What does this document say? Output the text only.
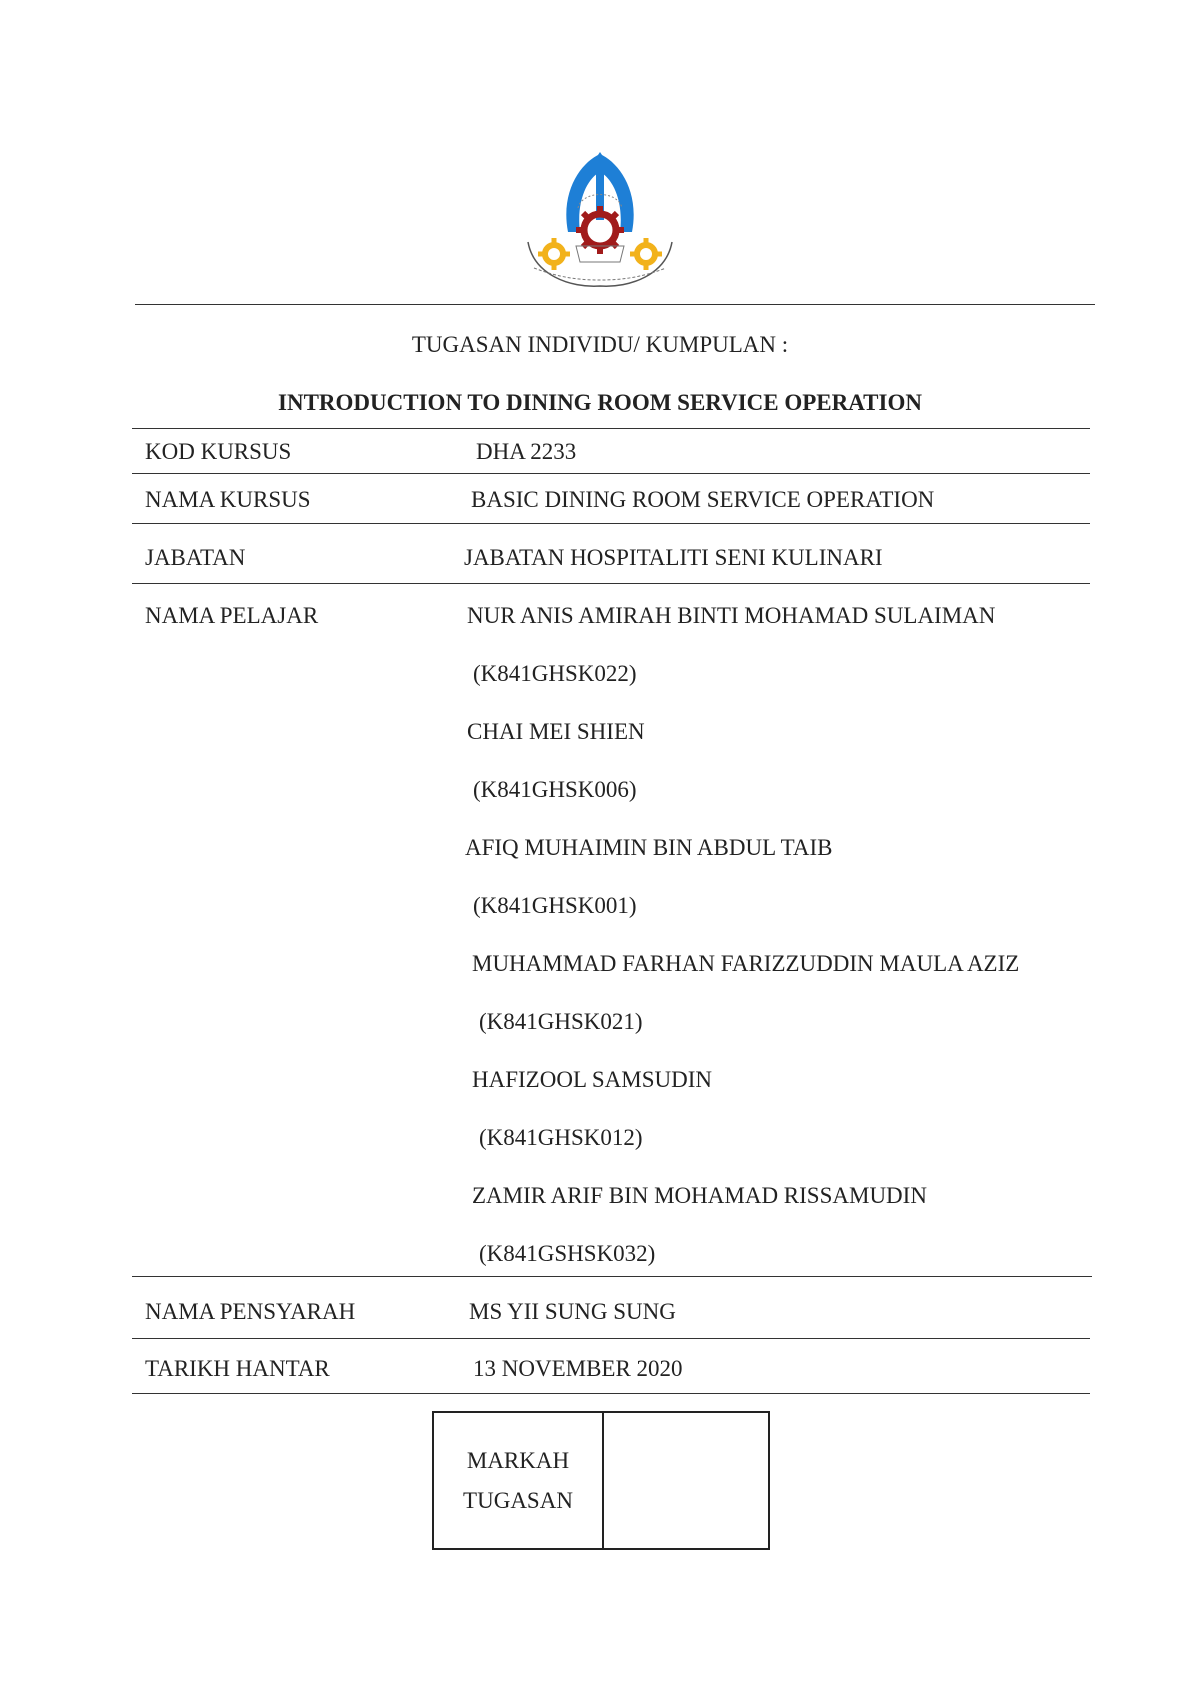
TUGASAN INDIVIDU/ KUMPULAN :
INTRODUCTION TO DINING ROOM SERVICE OPERATION
KOD KURSUS	DHA 2233
NAMA KURSUS	BASIC DINING ROOM SERVICE OPERATION
JABATAN	JABATAN HOSPITALITI SENI KULINARI
NAMA PELAJAR	NUR ANIS AMIRAH BINTI MOHAMAD SULAIMAN
(K841GHSK022)
CHAI MEI SHIEN
(K841GHSK006)
AFIQ MUHAIMIN BIN ABDUL TAIB
(K841GHSK001)
MUHAMMAD FARHAN FARIZZUDDIN MAULA AZIZ
(K841GHSK021)
HAFIZOOL SAMSUDIN
(K841GHSK012)
ZAMIR ARIF BIN MOHAMAD RISSAMUDIN
(K841GSHSK032)
NAMA PENSYARAH	MS YII SUNG SUNG
TARIKH HANTAR	13 NOVEMBER 2020
MARKAH
TUGASAN
